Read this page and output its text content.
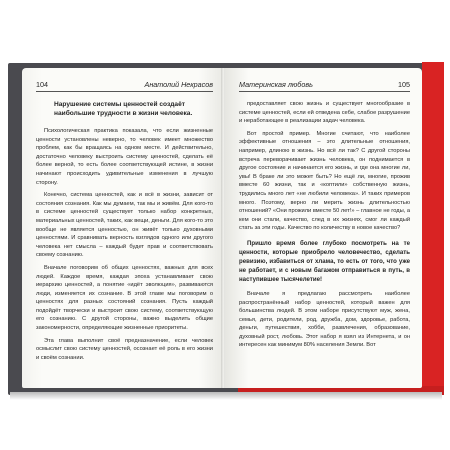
104	Анатолий Некрасов
Нарушение системы ценностей создаёт наибольшие трудности в жизни человека.

Психологическая практика показала, что если жизненные ценности установлены неверно, то человек имеет множество проблем, как бы вращаясь на одном месте. И действительно, достаточно человеку выстроить систему ценностей, сделать её более верной, то есть более соответствующей истине, в жизни начинают происходить удивительные изменения в лучшую сторону.

Конечно, система ценностей, как и всё в жизни, зависит от состояния сознания. Как мы думаем, так мы и живём. Для кого-то в системе ценностей существует только набор конкретных, материальных ценностей, таких, как вещи, деньги. Для кого-то это вообще не является ценностью, он живёт только духовными ценностями. И сравнивать верность взглядов одного или другого человека нет смысла – каждый будет прав и соответствовать своему сознанию.

Вначале поговорим об общих ценностях, важных для всех людей. Каждое время, каждая эпоха устанавливает свою иерархию ценностей, а понятие «идёт эволюция», развиваются люди, изменяется их сознание. В этой главе мы поговорим о ценностях для разных состояний сознания. Пусть каждый подойдёт творчески и выстроит свою систему, соответствующую его сознанию. С другой стороны, важно выделить общие закономерности, определяющие жизненные приоритеты.

Эта глава выполнит своё предназначение, если человек осмыслит свою систему ценностей, осознает её роль в его жизни и своём сознании.

Материнская любовь	105

предоставляет свою жизнь и существует многообразие в системе ценностей, если ей отведена себе, слабое разрушение и неработающее в реализации задач человека.

Вот простой пример. Многие считают, что наиболее эффективные отношения – это длительные отношения, например, длиною в жизнь. Но всё ли так? С другой стороны встреча переворачивает жизнь человека, он поднимается в другое состояние и начинается его жизнь, и где она многие ли, увы! В браке ли это может быть? Но ещё ли, многие, прожив вместе 60 жизни, так и «коптили» собственную жизнь, трудились много лет «не любили человека». И таких примеров много. Поэтому, верно ли мерить жизнь длительностью отношений? «Они прожили вместе 50 лет!» – главное не годы, а кем они стали, качество, след в их жизнях, смог ли каждый стать за эти годы. Качество по количеству в новое качество?

Пришло время более глубоко посмотреть на те ценности, которые приобрело человечество, сделать ревизию, избавиться от хлама, то есть от того, что уже не работает, и с новым багажом отправиться в путь, в наступившее тысячелетие!

Вначале я предлагаю рассмотреть наиболее распространённый набор ценностей, который важен для большинства людей. В этом наборе присутствуют муж, жена, семья, дети, родители, род, дружба, дом, здоровье, работа, деньги, путешествия, хобби, развлечения, образование, духовный рост, любовь. Этот набор я взял из Интернета, и он интересен как минимум 80% населения Земли. Вот
